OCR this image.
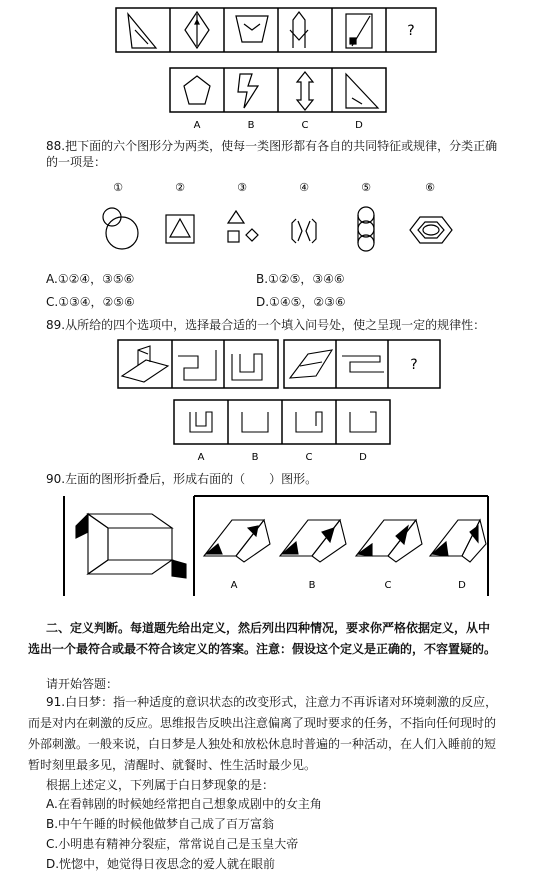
?
A	B	C	D
88.把下面的六个图形分为两类，使每一类图形都有各自的共同特征或规律，分类正确
的一项是：
①	②	③	④	⑤	⑥
A.①②④，③⑤⑥	B.①②⑤，③④⑥
C.①③④，②⑤⑥	D.①④⑤，②③⑥
89.从所给的四个选项中，选择最合适的一个填入问号处，使之呈现一定的规律性：
?
A	B	C	D
90.左面的图形折叠后，形成右面的（　　）图形。
A	B	C	D
二、定义判断。每道题先给出定义，然后列出四种情况，要求你严格依据定义，从中
选出一个最符合或最不符合该定义的答案。注意：假设这个定义是正确的，不容置疑的。
请开始答题：
91.白日梦：指一种适度的意识状态的改变形式，注意力不再诉诸对环境刺激的反应，
而是对内在刺激的反应。思维报告反映出注意偏离了现时要求的任务，不指向任何现时的
外部刺激。一般来说，白日梦是人独处和放松休息时普遍的一种活动，在人们入睡前的短
暂时刻里最多见，清醒时、就餐时、性生活时最少见。
根据上述定义，下列属于白日梦现象的是：
A.在看韩剧的时候她经常把自己想象成剧中的女主角
B.中午午睡的时候他做梦自己成了百万富翁
C.小明患有精神分裂症，常常说自己是玉皇大帝
D.恍惚中，她觉得日夜思念的爱人就在眼前
